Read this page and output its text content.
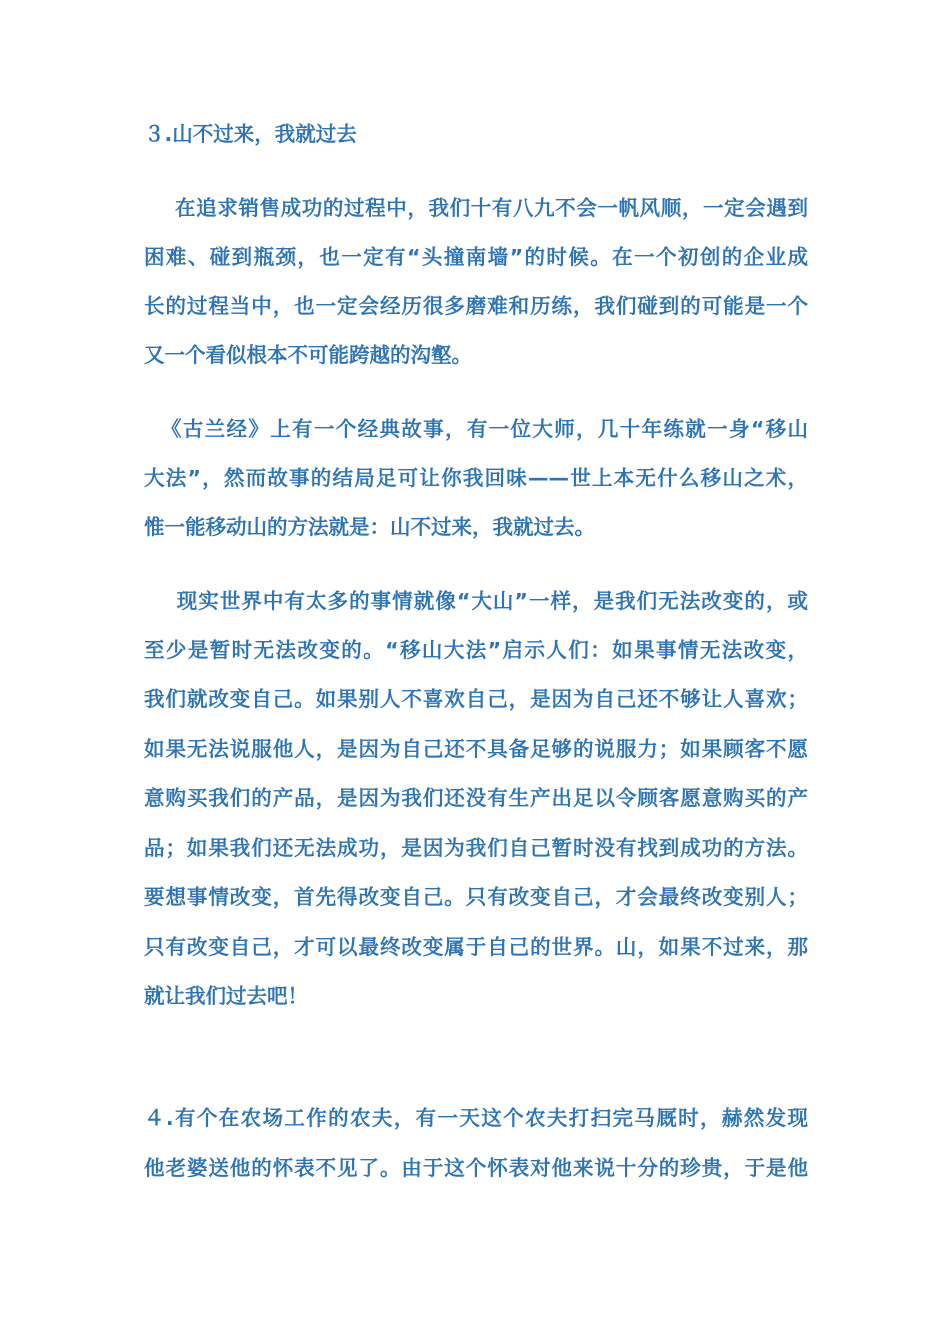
３.山不过来，我就过去
在追求销售成功的过程中，我们十有八九不会一帆风顺，一定会遇到
困难、碰到瓶颈，也一定有“头撞南墙”的时候。在一个初创的企业成
长的过程当中，也一定会经历很多磨难和历练，我们碰到的可能是一个
又一个看似根本不可能跨越的沟壑。
《古兰经》上有一个经典故事，有一位大师，几十年练就一身“移山
大法”，然而故事的结局足可让你我回味——世上本无什么移山之术，
惟一能移动山的方法就是：山不过来，我就过去。
现实世界中有太多的事情就像“大山”一样，是我们无法改变的，或
至少是暂时无法改变的。“移山大法”启示人们：如果事情无法改变，
我们就改变自己。如果别人不喜欢自己，是因为自己还不够让人喜欢；
如果无法说服他人，是因为自己还不具备足够的说服力；如果顾客不愿
意购买我们的产品，是因为我们还没有生产出足以令顾客愿意购买的产
品；如果我们还无法成功，是因为我们自己暂时没有找到成功的方法。
要想事情改变，首先得改变自己。只有改变自己，才会最终改变别人；
只有改变自己，才可以最终改变属于自己的世界。山，如果不过来，那
就让我们过去吧！
４.有个在农场工作的农夫，有一天这个农夫打扫完马厩时，赫然发现
他老婆送他的怀表不见了。由于这个怀表对他来说十分的珍贵，于是他
